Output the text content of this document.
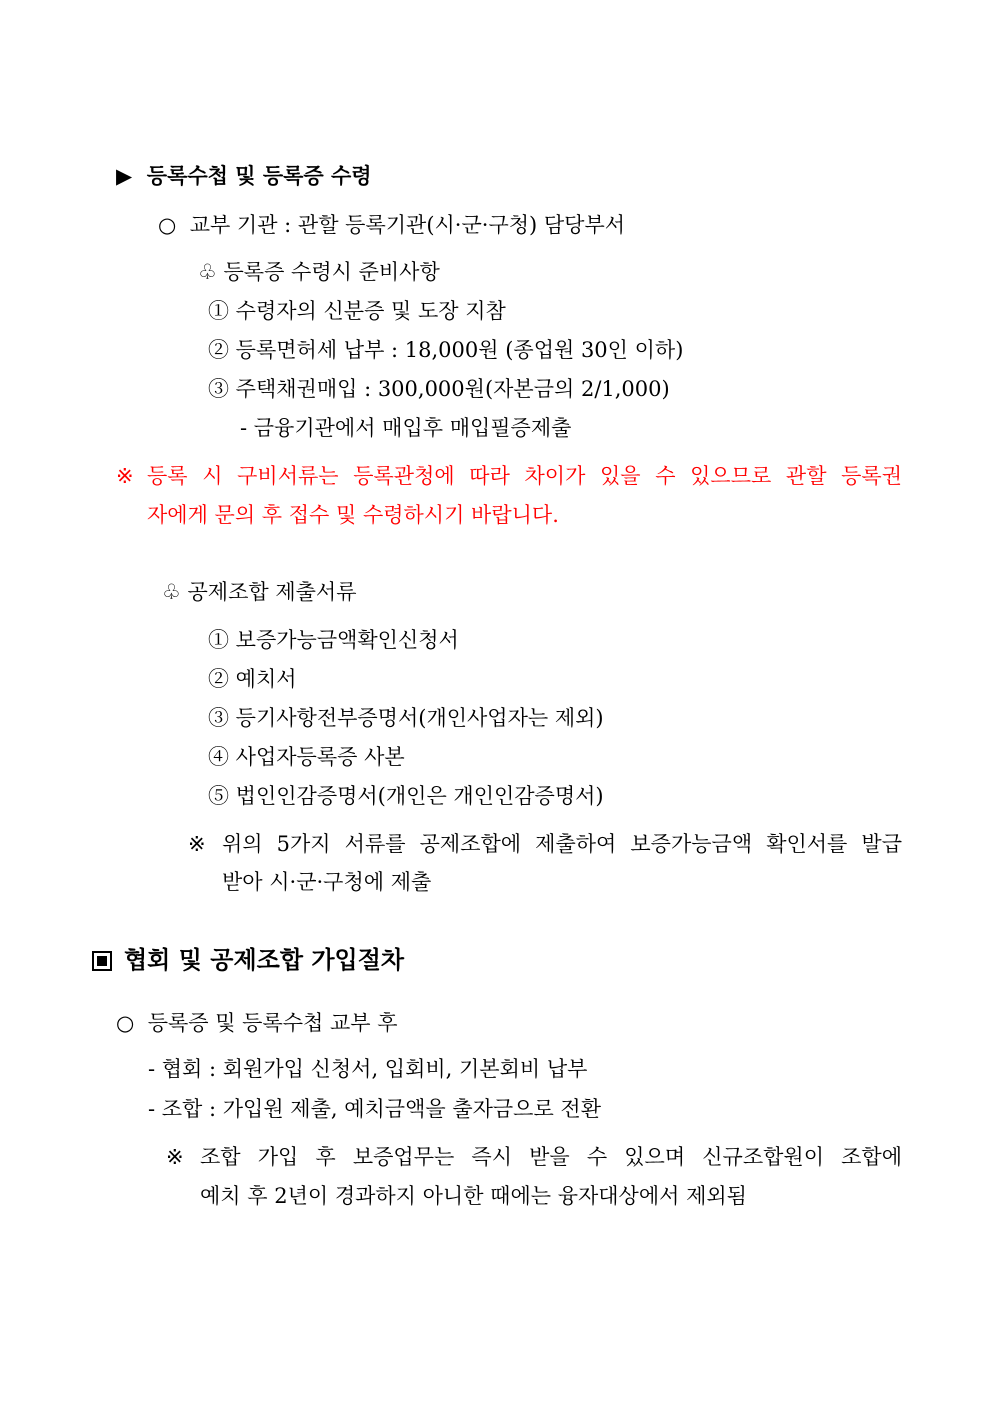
▶ 등록수첩 및 등록증 수령
○ 교부 기관 : 관할 등록기관(시·군·구청) 담당부서
♧ 등록증 수령시 준비사항
① 수령자의 신분증 및 도장 지참
② 등록면허세 납부 : 18,000원 (종업원 30인 이하)
③ 주택채권매입 : 300,000원(자본금의 2/1,000)
- 금융기관에서 매입후 매입필증제출
※ 등록 시 구비서류는 등록관청에 따라 차이가 있을 수 있으므로 관할 등록권
자에게 문의 후 접수 및 수령하시기 바랍니다.
♧ 공제조합 제출서류
① 보증가능금액확인신청서
② 예치서
③ 등기사항전부증명서(개인사업자는 제외)
④ 사업자등록증 사본
⑤ 법인인감증명서(개인은 개인인감증명서)
※ 위의 5가지 서류를 공제조합에 제출하여 보증가능금액 확인서를 발급
받아 시·군·구청에 제출
협회 및 공제조합 가입절차
○ 등록증 및 등록수첩 교부 후
- 협회 : 회원가입 신청서, 입회비, 기본회비 납부
- 조합 : 가입원 제출, 예치금액을 출자금으로 전환
※ 조합 가입 후 보증업무는 즉시 받을 수 있으며 신규조합원이 조합에
예치 후 2년이 경과하지 아니한 때에는 융자대상에서 제외됨
